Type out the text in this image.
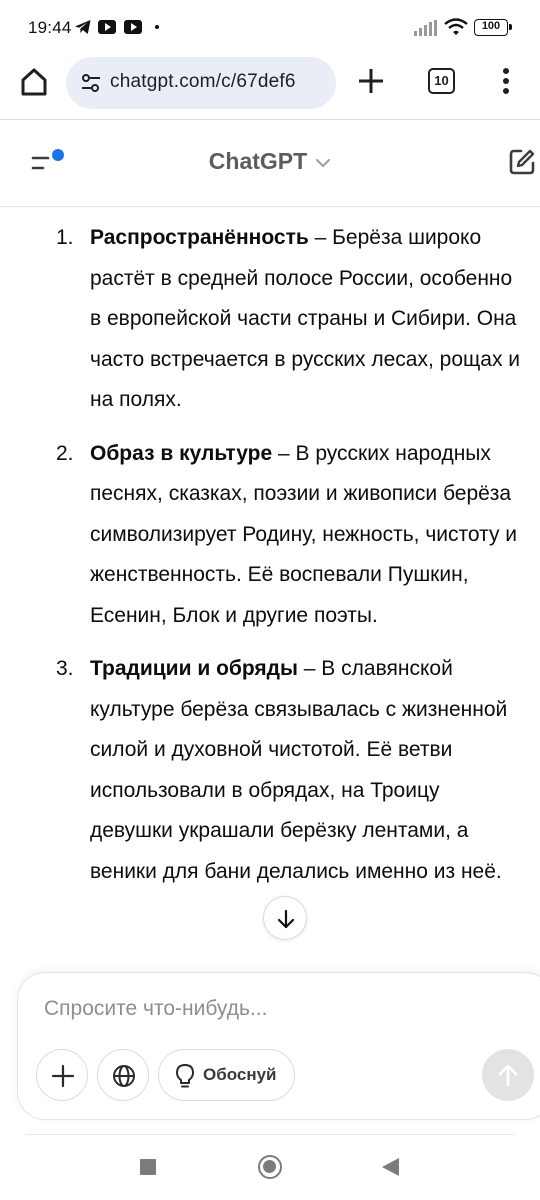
19:44	100
chatgpt.com/c/67def6	10
ChatGPT
1. Распространённость – Берёза широко растёт в средней полосе России, особенно в европейской части страны и Сибири. Она часто встречается в русских лесах, рощах и на полях.
2. Образ в культуре – В русских народных песнях, сказках, поэзии и живописи берёза символизирует Родину, нежность, чистоту и женственность. Её воспевали Пушкин, Есенин, Блок и другие поэты.
3. Традиции и обряды – В славянской культуре берёза связывалась с жизненной силой и духовной чистотой. Её ветви использовали в обрядах, на Троицу девушки украшали берёзку лентами, а веники для бани делались именно из неё.
Спросите что-нибудь...
Обоснуй
